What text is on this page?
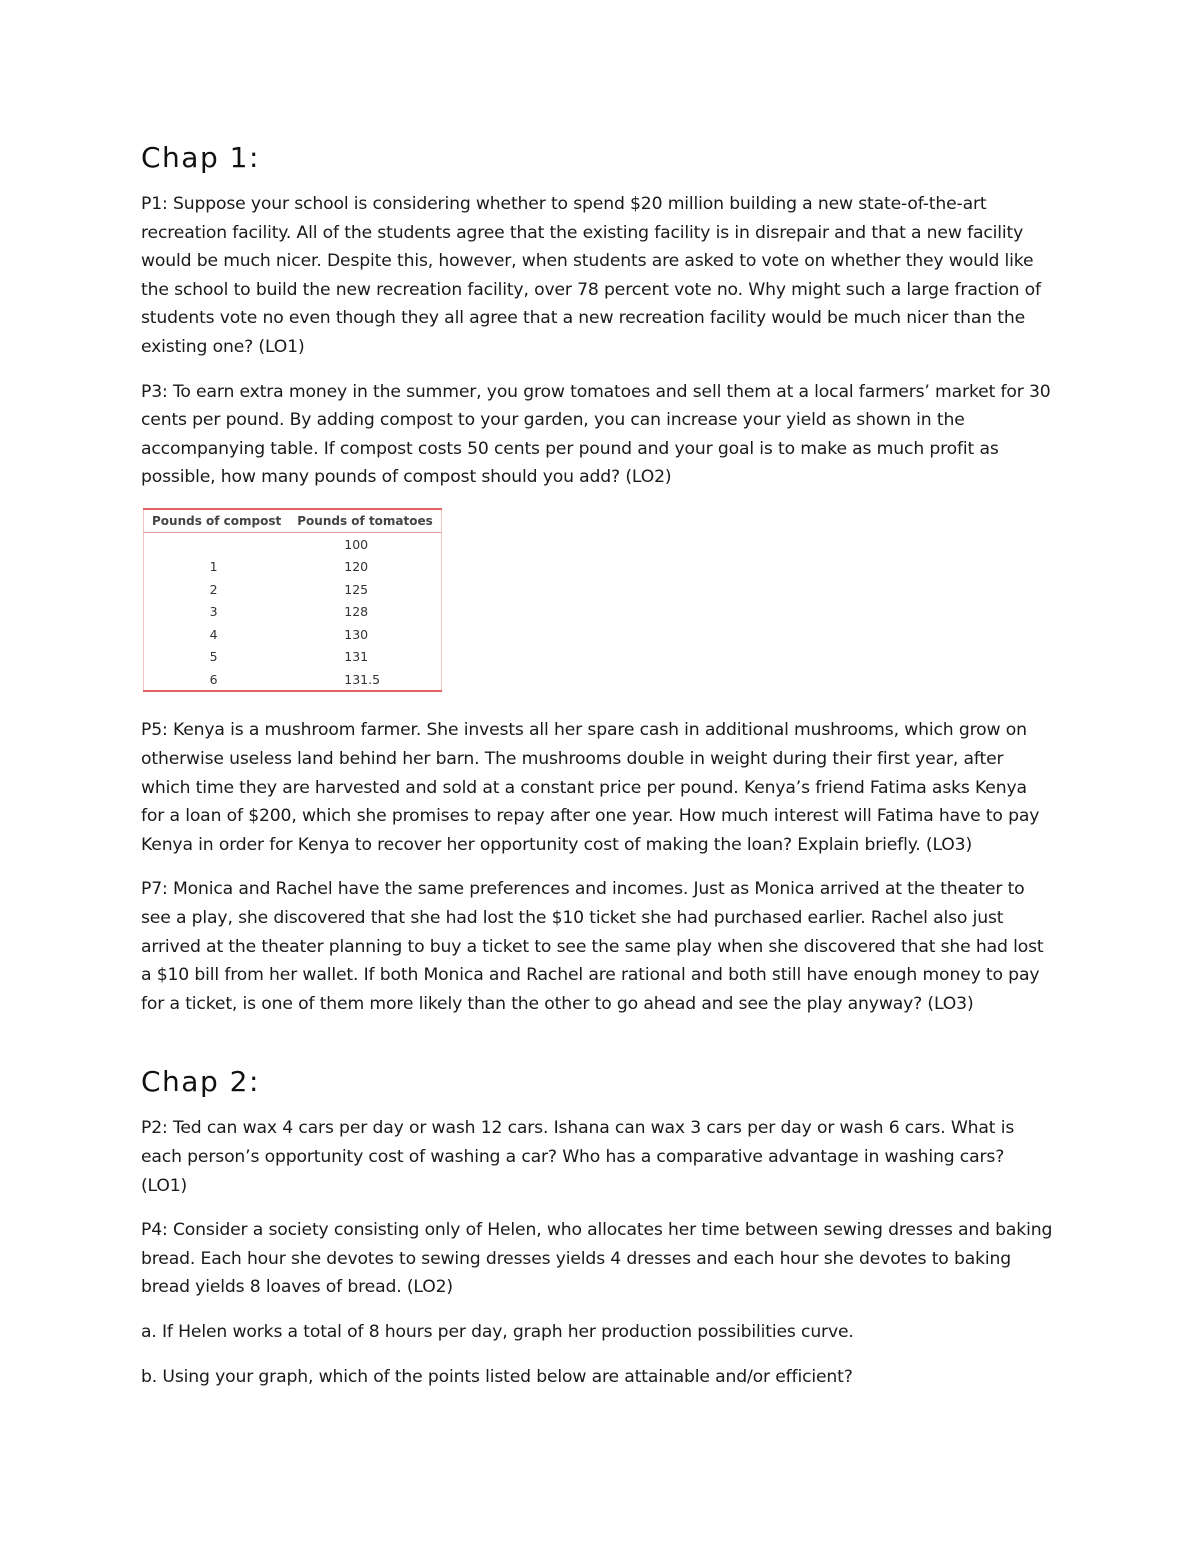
Chap 1:

P1: Suppose your school is considering whether to spend $20 million building a new state-of-the-art recreation facility. All of the students agree that the existing facility is in disrepair and that a new facility would be much nicer. Despite this, however, when students are asked to vote on whether they would like the school to build the new recreation facility, over 78 percent vote no. Why might such a large fraction of students vote no even though they all agree that a new recreation facility would be much nicer than the existing one? (LO1)

P3: To earn extra money in the summer, you grow tomatoes and sell them at a local farmers’ market for 30 cents per pound. By adding compost to your garden, you can increase your yield as shown in the accompanying table. If compost costs 50 cents per pound and your goal is to make as much profit as possible, how many pounds of compost should you add? (LO2)

Pounds of compost	Pounds of tomatoes
	100
1	120
2	125
3	128
4	130
5	131
6	131.5

P5: Kenya is a mushroom farmer. She invests all her spare cash in additional mushrooms, which grow on otherwise useless land behind her barn. The mushrooms double in weight during their first year, after which time they are harvested and sold at a constant price per pound. Kenya’s friend Fatima asks Kenya for a loan of $200, which she promises to repay after one year. How much interest will Fatima have to pay Kenya in order for Kenya to recover her opportunity cost of making the loan? Explain briefly. (LO3)

P7: Monica and Rachel have the same preferences and incomes. Just as Monica arrived at the theater to see a play, she discovered that she had lost the $10 ticket she had purchased earlier. Rachel also just arrived at the theater planning to buy a ticket to see the same play when she discovered that she had lost a $10 bill from her wallet. If both Monica and Rachel are rational and both still have enough money to pay for a ticket, is one of them more likely than the other to go ahead and see the play anyway? (LO3)

Chap 2:

P2: Ted can wax 4 cars per day or wash 12 cars. Ishana can wax 3 cars per day or wash 6 cars. What is each person’s opportunity cost of washing a car? Who has a comparative advantage in washing cars? (LO1)

P4: Consider a society consisting only of Helen, who allocates her time between sewing dresses and baking bread. Each hour she devotes to sewing dresses yields 4 dresses and each hour she devotes to baking bread yields 8 loaves of bread. (LO2)

a. If Helen works a total of 8 hours per day, graph her production possibilities curve.

b. Using your graph, which of the points listed below are attainable and/or efficient?
